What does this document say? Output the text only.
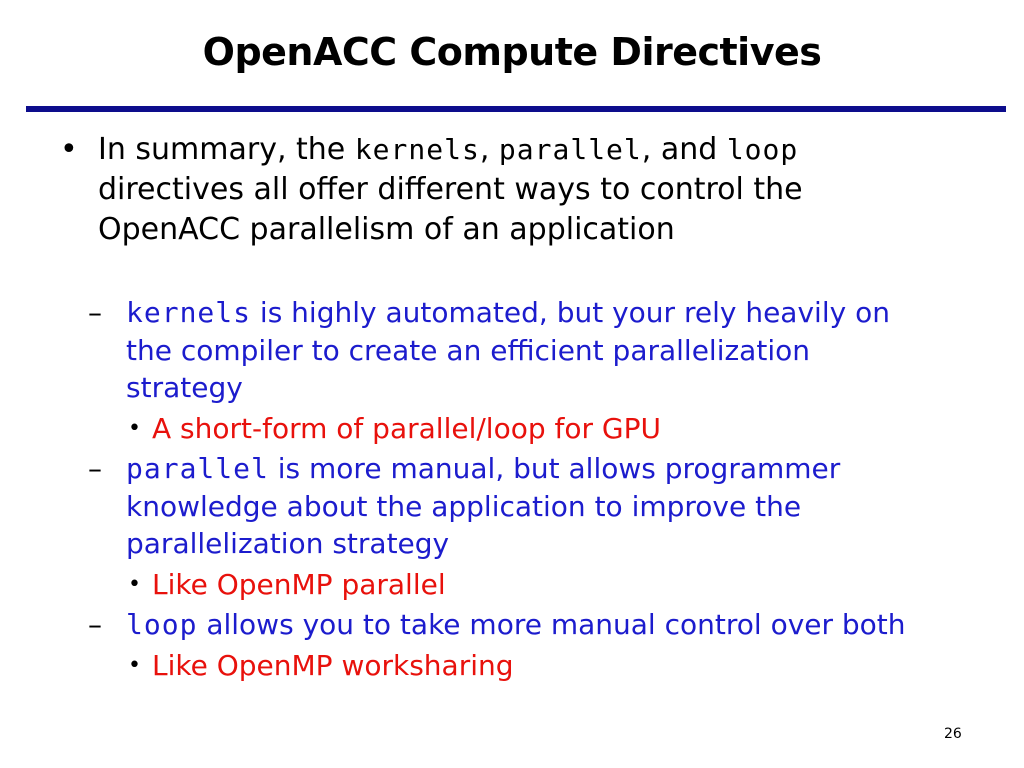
OpenACC Compute Directives
• In summary, the kernels, parallel, and loop
directives all offer different ways to control the
OpenACC parallelism of an application
– kernels is highly automated, but your rely heavily on
the compiler to create an efficient parallelization
strategy
• A short-form of parallel/loop for GPU
– parallel is more manual, but allows programmer
knowledge about the application to improve the
parallelization strategy
• Like OpenMP parallel
– loop allows you to take more manual control over both
• Like OpenMP worksharing
26
